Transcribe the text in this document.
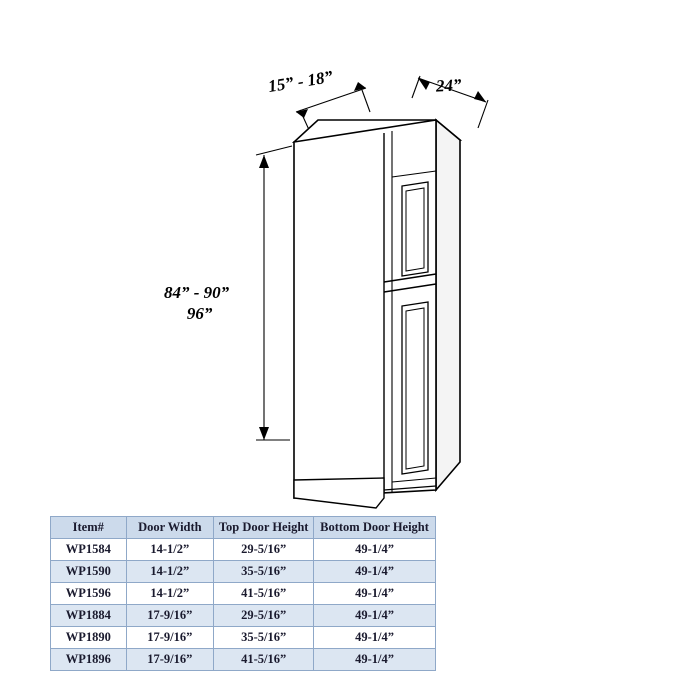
15” - 18”	24”
84” - 90”
96”
Item#	Door Width	Top Door Height	Bottom Door Height
WP1584	14-1/2”	29-5/16”	49-1/4”
WP1590	14-1/2”	35-5/16”	49-1/4”
WP1596	14-1/2”	41-5/16”	49-1/4”
WP1884	17-9/16”	29-5/16”	49-1/4”
WP1890	17-9/16”	35-5/16”	49-1/4”
WP1896	17-9/16”	41-5/16”	49-1/4”
